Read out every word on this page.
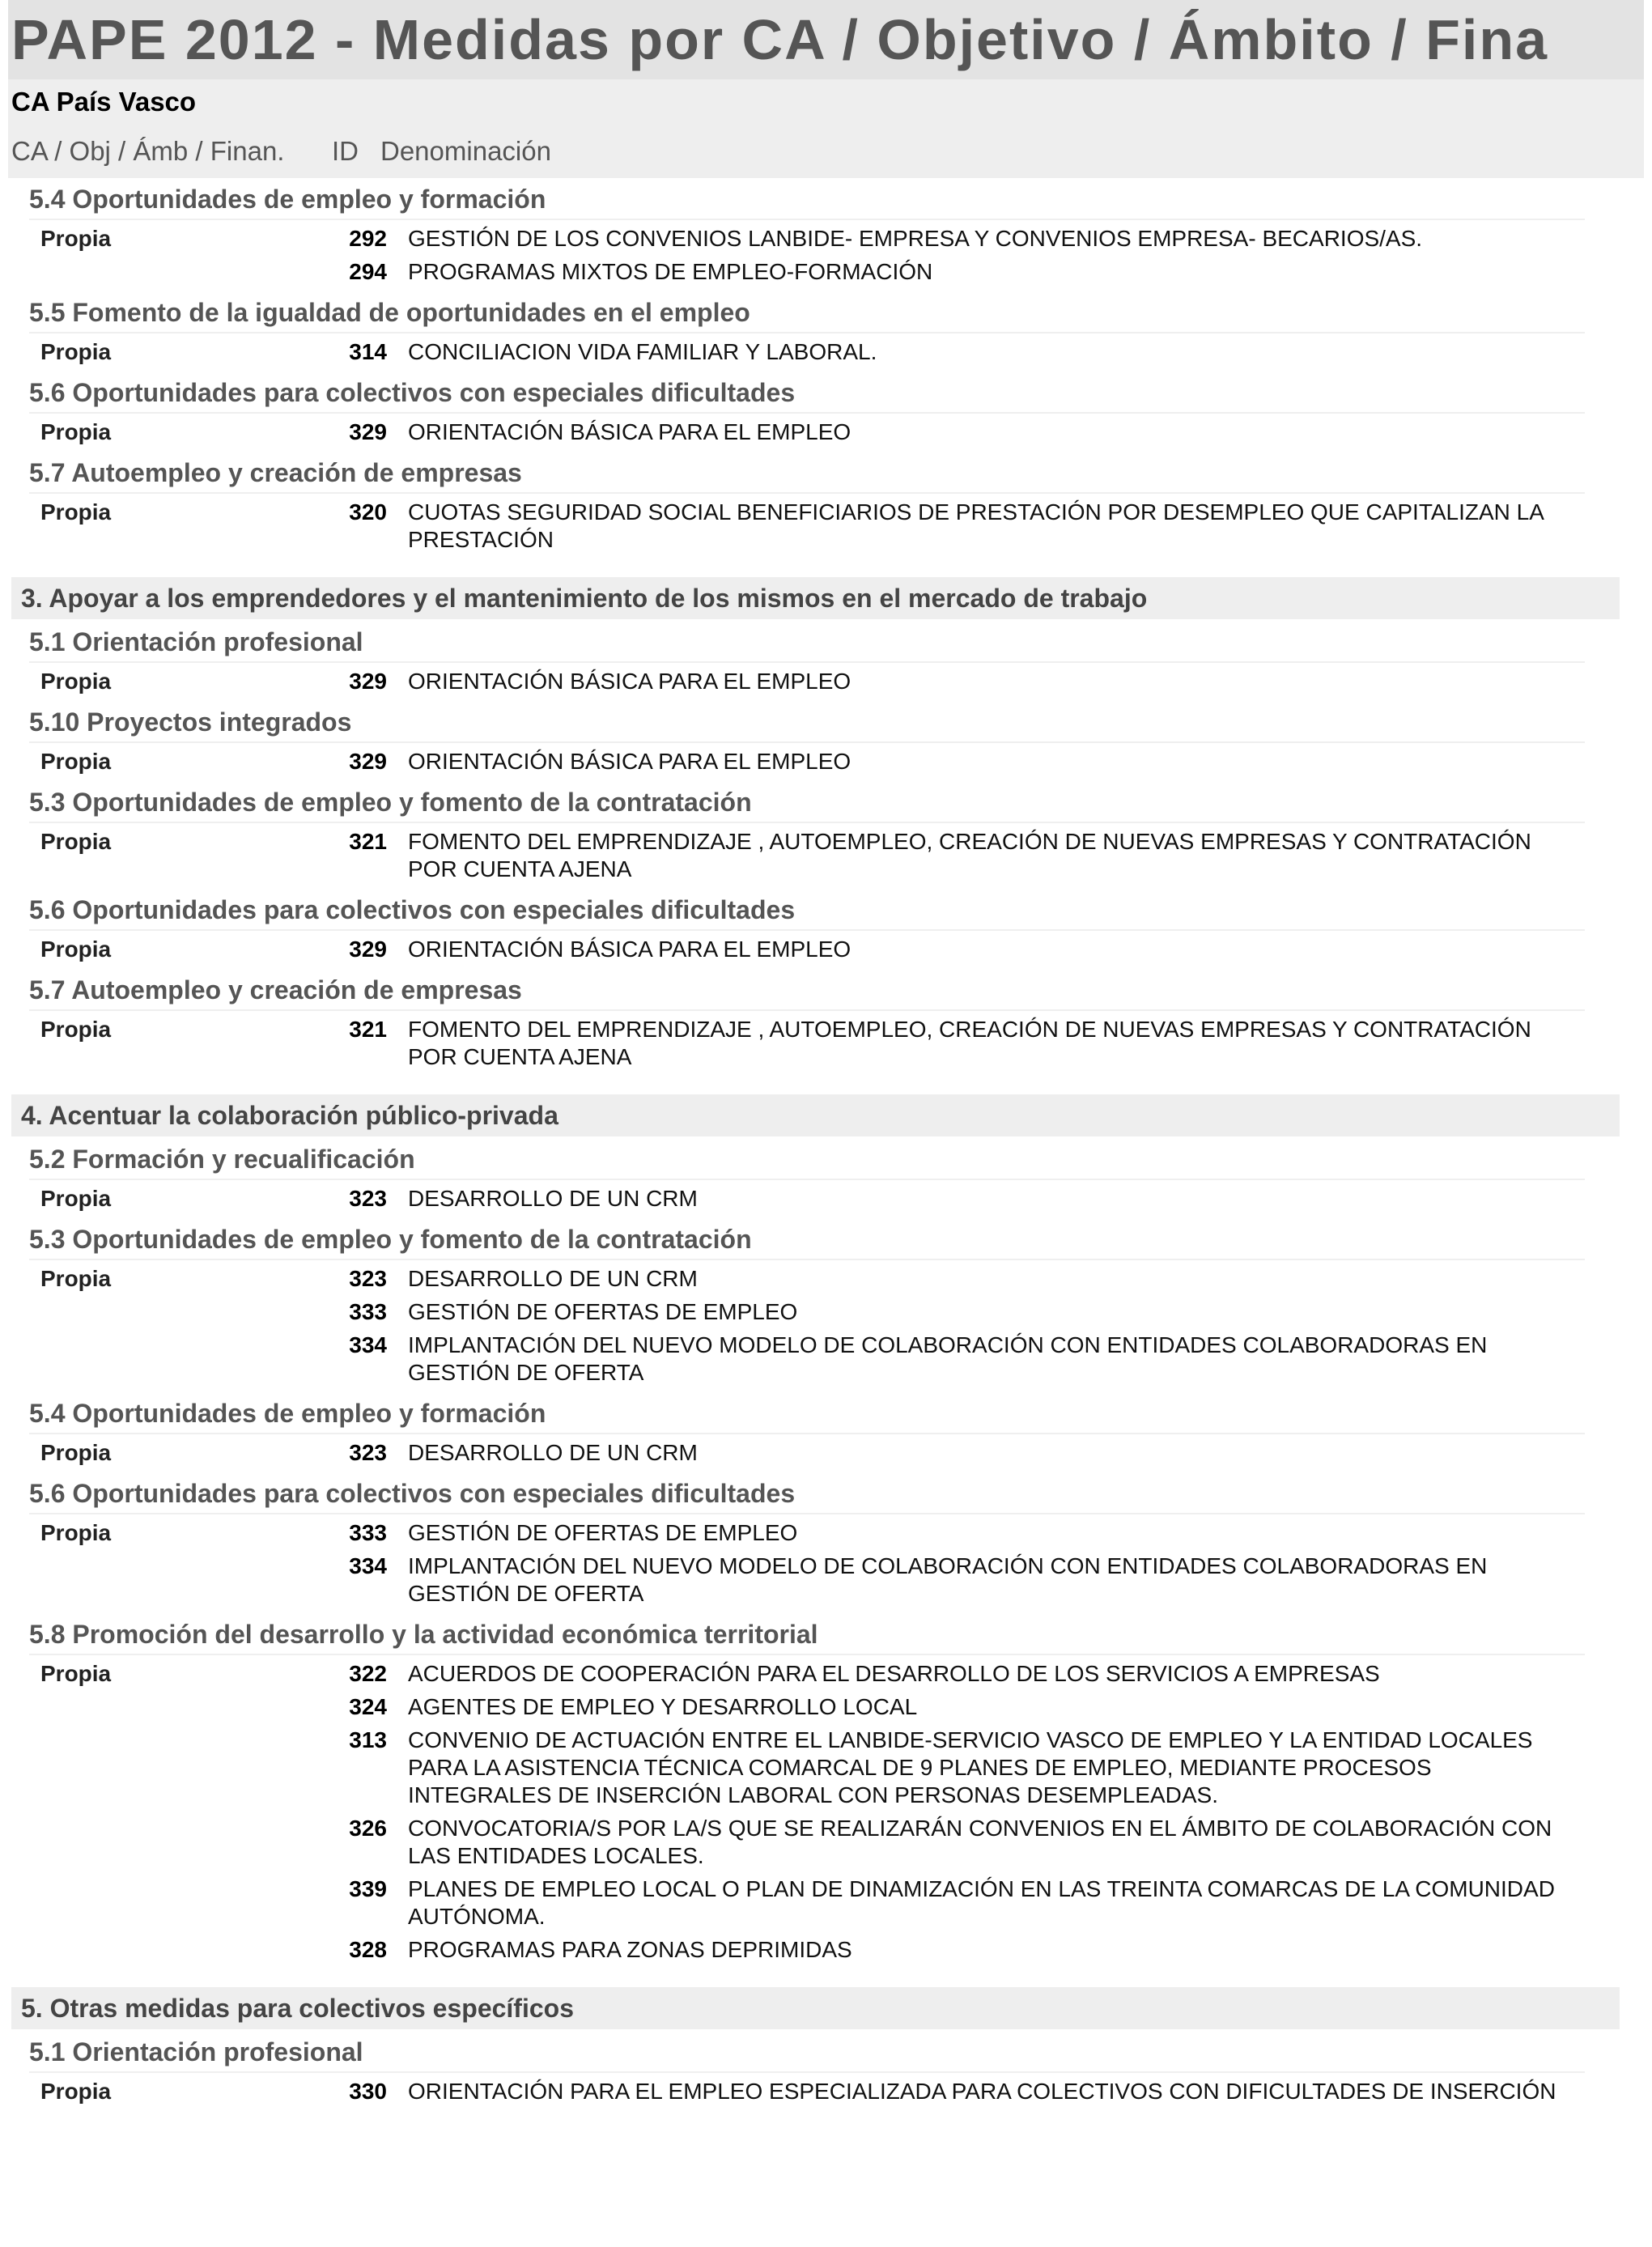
PAPE 2012 - Medidas por CA / Objetivo / Ámbito / Fina
CA País Vasco
CA / Obj / Ámb / Finan. ID Denominación
5.4 Oportunidades de empleo y formación
Propia	292 GESTIÓN DE LOS CONVENIOS LANBIDE- EMPRESA Y CONVENIOS EMPRESA- BECARIOS/AS.
294 PROGRAMAS MIXTOS DE EMPLEO-FORMACIÓN
5.5 Fomento de la igualdad de oportunidades en el empleo
Propia	314 CONCILIACION VIDA FAMILIAR Y LABORAL.
5.6 Oportunidades para colectivos con especiales dificultades
Propia	329 ORIENTACIÓN BÁSICA PARA EL EMPLEO
5.7 Autoempleo y creación de empresas
Propia	320 CUOTAS SEGURIDAD SOCIAL BENEFICIARIOS DE PRESTACIÓN POR DESEMPLEO QUE CAPITALIZAN LA PRESTACIÓN
3. Apoyar a los emprendedores y el mantenimiento de los mismos en el mercado de trabajo
5.1 Orientación profesional
Propia	329 ORIENTACIÓN BÁSICA PARA EL EMPLEO
5.10 Proyectos integrados
Propia	329 ORIENTACIÓN BÁSICA PARA EL EMPLEO
5.3 Oportunidades de empleo y fomento de la contratación
Propia	321 FOMENTO DEL EMPRENDIZAJE , AUTOEMPLEO, CREACIÓN DE NUEVAS EMPRESAS Y CONTRATACIÓN POR CUENTA AJENA
5.6 Oportunidades para colectivos con especiales dificultades
Propia	329 ORIENTACIÓN BÁSICA PARA EL EMPLEO
5.7 Autoempleo y creación de empresas
Propia	321 FOMENTO DEL EMPRENDIZAJE , AUTOEMPLEO, CREACIÓN DE NUEVAS EMPRESAS Y CONTRATACIÓN POR CUENTA AJENA
4. Acentuar la colaboración público-privada
5.2 Formación y recualificación
Propia	323 DESARROLLO DE UN CRM
5.3 Oportunidades de empleo y fomento de la contratación
Propia	323 DESARROLLO DE UN CRM
333 GESTIÓN DE OFERTAS DE EMPLEO
334 IMPLANTACIÓN DEL NUEVO MODELO DE COLABORACIÓN CON ENTIDADES COLABORADORAS EN GESTIÓN DE OFERTA
5.4 Oportunidades de empleo y formación
Propia	323 DESARROLLO DE UN CRM
5.6 Oportunidades para colectivos con especiales dificultades
Propia	333 GESTIÓN DE OFERTAS DE EMPLEO
334 IMPLANTACIÓN DEL NUEVO MODELO DE COLABORACIÓN CON ENTIDADES COLABORADORAS EN GESTIÓN DE OFERTA
5.8 Promoción del desarrollo y la actividad económica territorial
Propia	322 ACUERDOS DE COOPERACIÓN PARA EL DESARROLLO DE LOS SERVICIOS A EMPRESAS
324 AGENTES DE EMPLEO Y DESARROLLO LOCAL
313 CONVENIO DE ACTUACIÓN ENTRE EL LANBIDE-SERVICIO VASCO DE EMPLEO Y LA ENTIDAD LOCALES PARA LA ASISTENCIA TÉCNICA COMARCAL DE 9 PLANES DE EMPLEO, MEDIANTE PROCESOS INTEGRALES DE INSERCIÓN LABORAL CON PERSONAS DESEMPLEADAS.
326 CONVOCATORIA/S POR LA/S QUE SE REALIZARÁN CONVENIOS EN EL ÁMBITO DE COLABORACIÓN CON LAS ENTIDADES LOCALES.
339 PLANES DE EMPLEO LOCAL O PLAN DE DINAMIZACIÓN EN LAS TREINTA COMARCAS DE LA COMUNIDAD AUTÓNOMA.
328 PROGRAMAS PARA ZONAS DEPRIMIDAS
5. Otras medidas para colectivos específicos
5.1 Orientación profesional
Propia	330 ORIENTACIÓN PARA EL EMPLEO ESPECIALIZADA PARA COLECTIVOS CON DIFICULTADES DE INSERCIÓN
